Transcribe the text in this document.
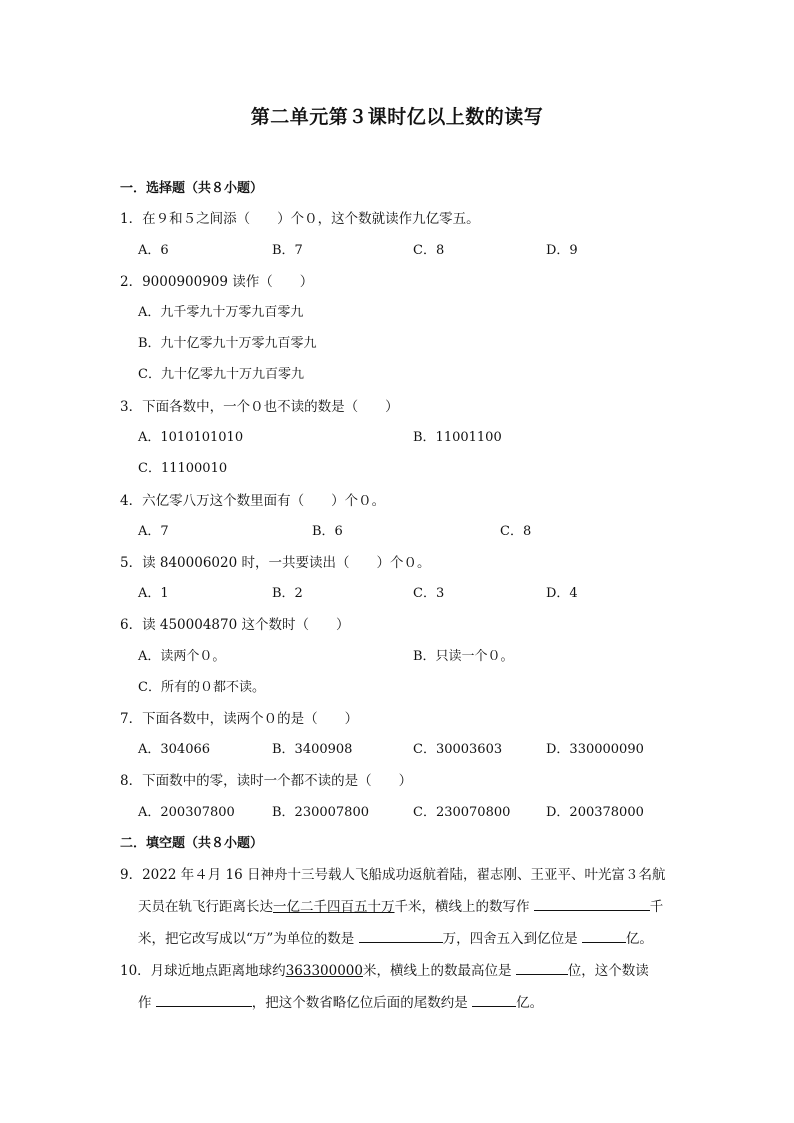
第二单元第３课时亿以上数的读写
一．选择题（共８小题）
1．在９和５之间添（　　）个０，这个数就读作九亿零五。
A．6	B．7	C．8	D．9
2．9000900909 读作（　　）
A．九千零九十万零九百零九
B．九十亿零九十万零九百零九
C．九十亿零九十万九百零九
3．下面各数中，一个０也不读的数是（　　）
A．1010101010	B．11001100
C．11100010
4．六亿零八万这个数里面有（　　）个０。
A．7	B．6	C．8
5．读 840006020 时，一共要读出（　　）个０。
A．1	B．2	C．3	D．4
6．读 450004870 这个数时（　　）
A．读两个０。	B．只读一个０。
C．所有的０都不读。
7．下面各数中，读两个０的是（　　）
A．304066	B．3400908	C．30003603	D．330000090
8．下面数中的零，读时一个都不读的是（　　）
A．200307800	B．230007800	C．230070800	D．200378000
二．填空题（共８小题）
9．2022 年４月 16 日神舟十三号载人飞船成功返航着陆，翟志刚、王亚平、叶光富３名航
天员在轨飞行距离长达一亿二千四百五十万千米，横线上的数写作	千
米，把它改写成以“万”为单位的数是	万，四舍五入到亿位是	亿。
10．月球近地点距离地球约363300000米，横线上的数最高位是	位，这个数读
作	，把这个数省略亿位后面的尾数约是	亿。
